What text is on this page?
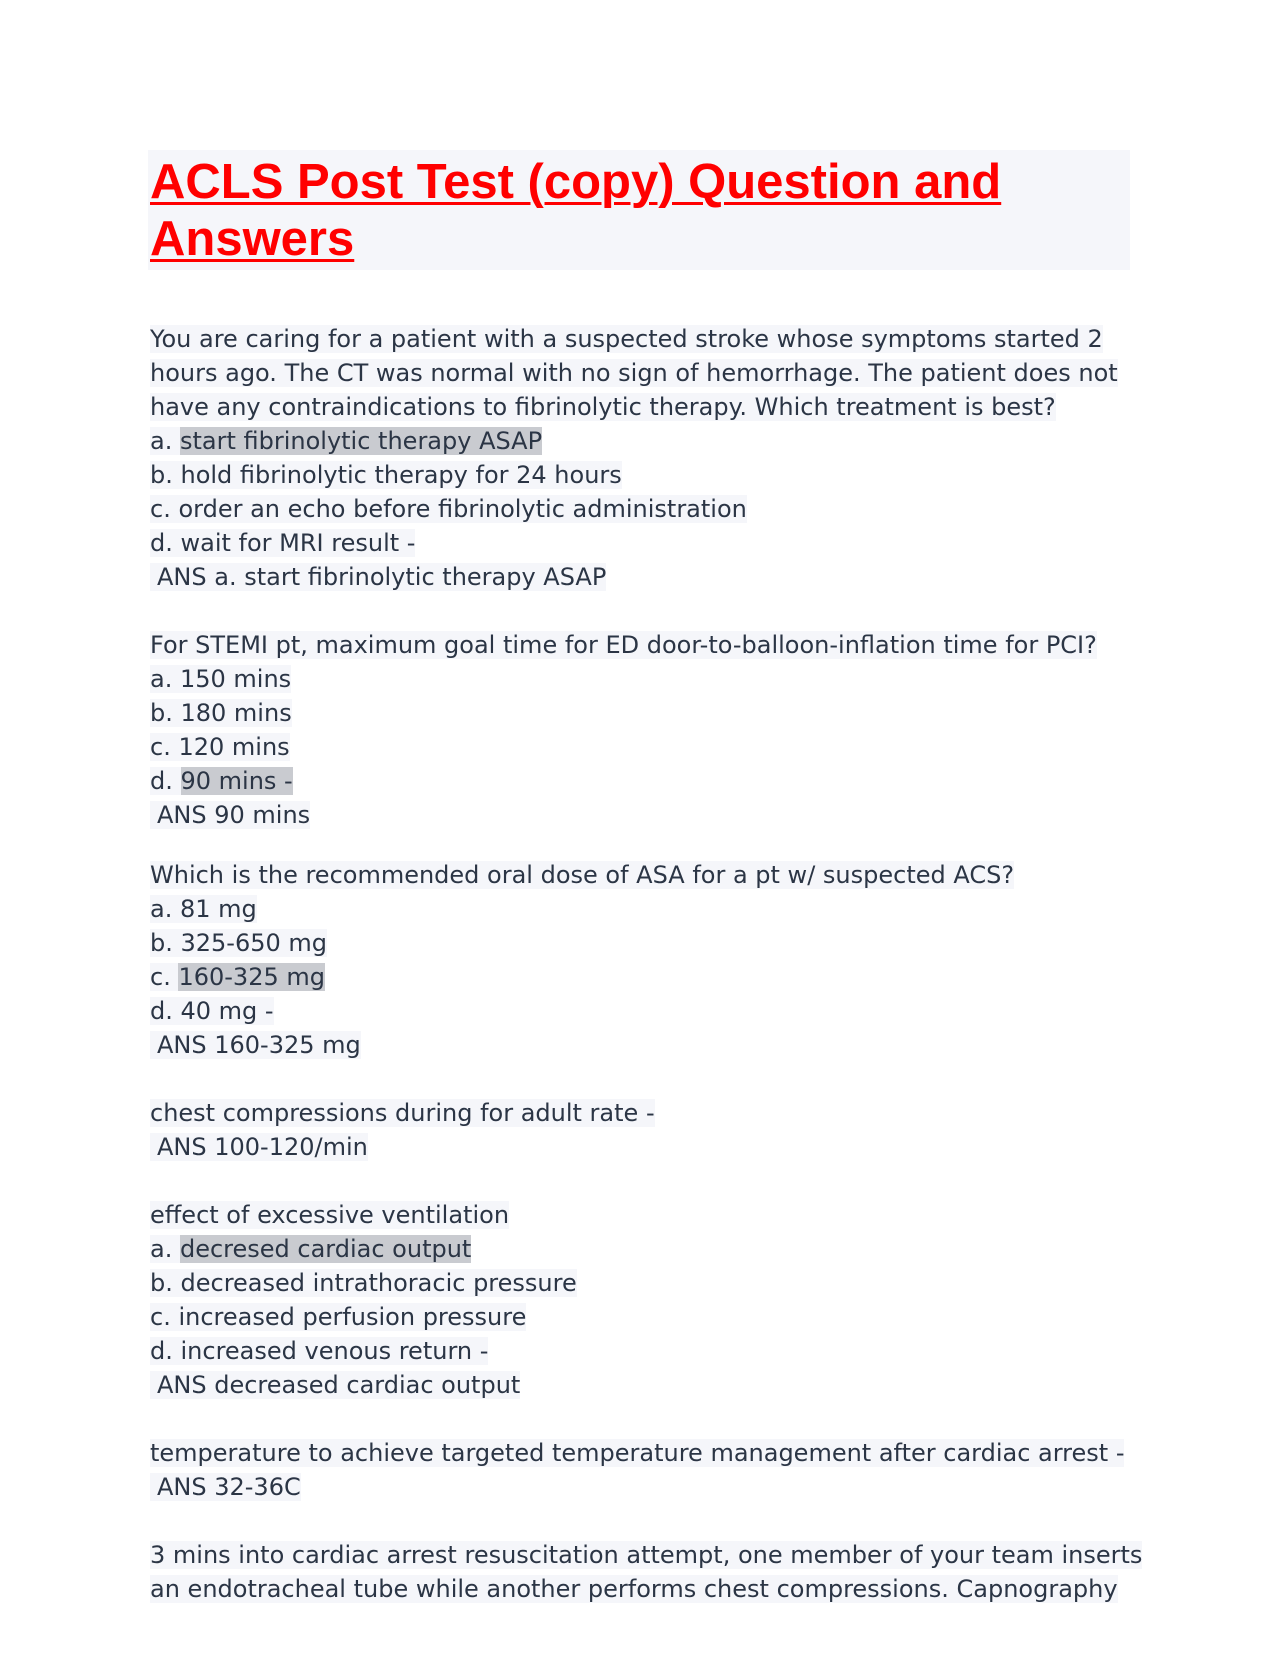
ACLS Post Test (copy) Question and Answers
You are caring for a patient with a suspected stroke whose symptoms started 2
hours ago. The CT was normal with no sign of hemorrhage. The patient does not
have any contraindications to fibrinolytic therapy. Which treatment is best?
a. start fibrinolytic therapy ASAP
b. hold fibrinolytic therapy for 24 hours
c. order an echo before fibrinolytic administration
d. wait for MRI result -
ANS a. start fibrinolytic therapy ASAP
For STEMI pt, maximum goal time for ED door-to-balloon-inflation time for PCI?
a. 150 mins
b. 180 mins
c. 120 mins
d. 90 mins -
ANS 90 mins
Which is the recommended oral dose of ASA for a pt w/ suspected ACS?
a. 81 mg
b. 325-650 mg
c. 160-325 mg
d. 40 mg -
ANS 160-325 mg
chest compressions during for adult rate -
ANS 100-120/min
effect of excessive ventilation
a. decresed cardiac output
b. decreased intrathoracic pressure
c. increased perfusion pressure
d. increased venous return -
ANS decreased cardiac output
temperature to achieve targeted temperature management after cardiac arrest -
ANS 32-36C
3 mins into cardiac arrest resuscitation attempt, one member of your team inserts
an endotracheal tube while another performs chest compressions. Capnography
